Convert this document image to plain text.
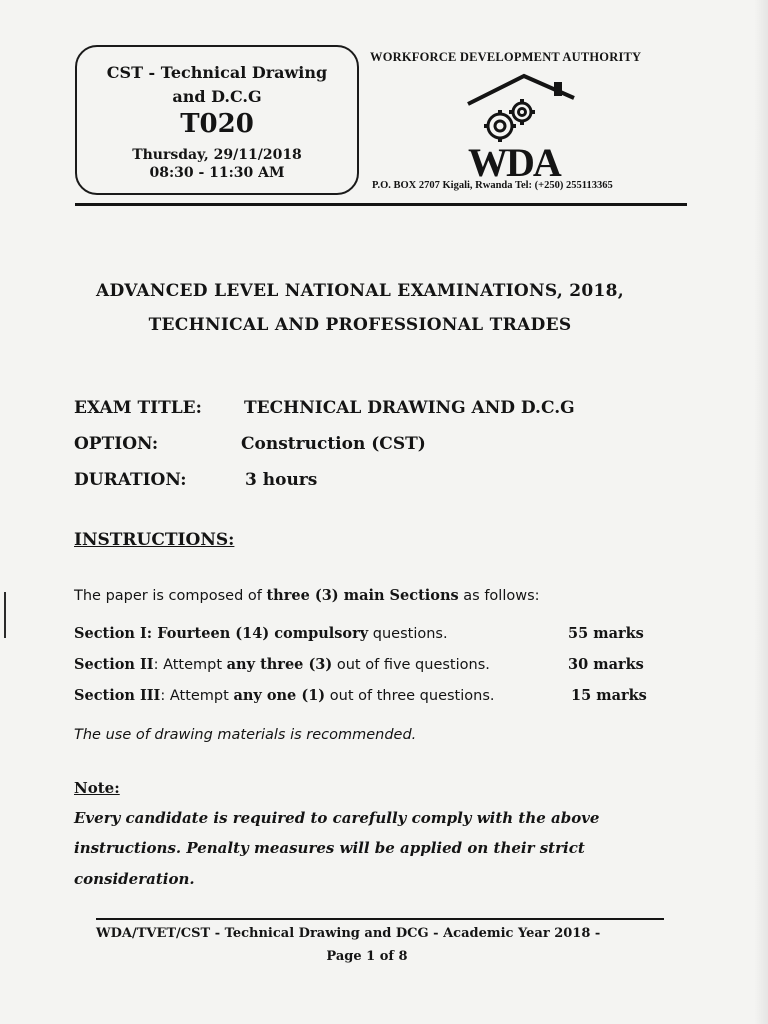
CST - Technical Drawing
and D.C.G
T020
Thursday, 29/11/2018
08:30 - 11:30 AM
WORKFORCE DEVELOPMENT AUTHORITY
WDA
P.O. BOX 2707 Kigali, Rwanda Tel: (+250) 255113365
ADVANCED LEVEL NATIONAL EXAMINATIONS, 2018,
TECHNICAL AND PROFESSIONAL TRADES
EXAM TITLE: TECHNICAL DRAWING AND D.C.G
OPTION:	Construction (CST)
DURATION:	3 hours
INSTRUCTIONS:
The paper is composed of three (3) main Sections as follows:
Section I: Fourteen (14) compulsory questions.	55 marks
Section II: Attempt any three (3) out of five questions.	30 marks
Section III: Attempt any one (1) out of three questions.	15 marks
The use of drawing materials is recommended.
Note:
Every candidate is required to carefully comply with the above
instructions. Penalty measures will be applied on their strict
consideration.
WDA/TVET/CST - Technical Drawing and DCG - Academic Year 2018 -
Page 1 of 8
